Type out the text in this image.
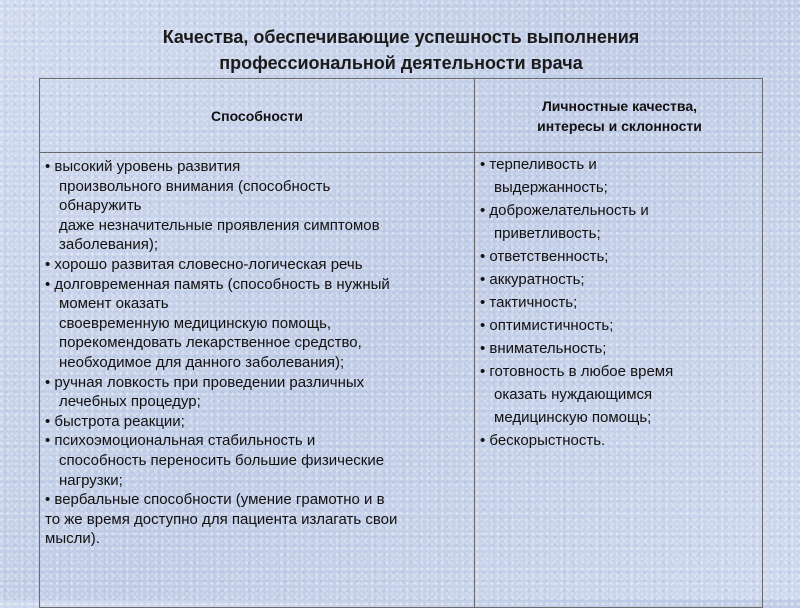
Качества, обеспечивающие успешность выполнения
профессиональной деятельности врача
Способности
Личностные качества,
интересы и склонности
• высокий уровень развития
произвольного внимания (способность
обнаружить
даже незначительные проявления симптомов
заболевания);
• хорошо развитая словесно-логическая речь
• долговременная память (способность в нужный
момент оказать
своевременную медицинскую помощь,
порекомендовать лекарственное средство,
необходимое для данного заболевания);
• ручная ловкость при проведении различных
лечебных процедур;
• быстрота реакции;
• психоэмоциональная стабильность и
способность переносить большие физические
нагрузки;
• вербальные способности (умение грамотно и в
то же время доступно для пациента излагать свои
мысли).
• терпеливость и
выдержанность;
• доброжелательность и
приветливость;
• ответственность;
• аккуратность;
• тактичность;
• оптимистичность;
• внимательность;
• готовность в любое время
оказать нуждающимся
медицинскую помощь;
• бескорыстность.
